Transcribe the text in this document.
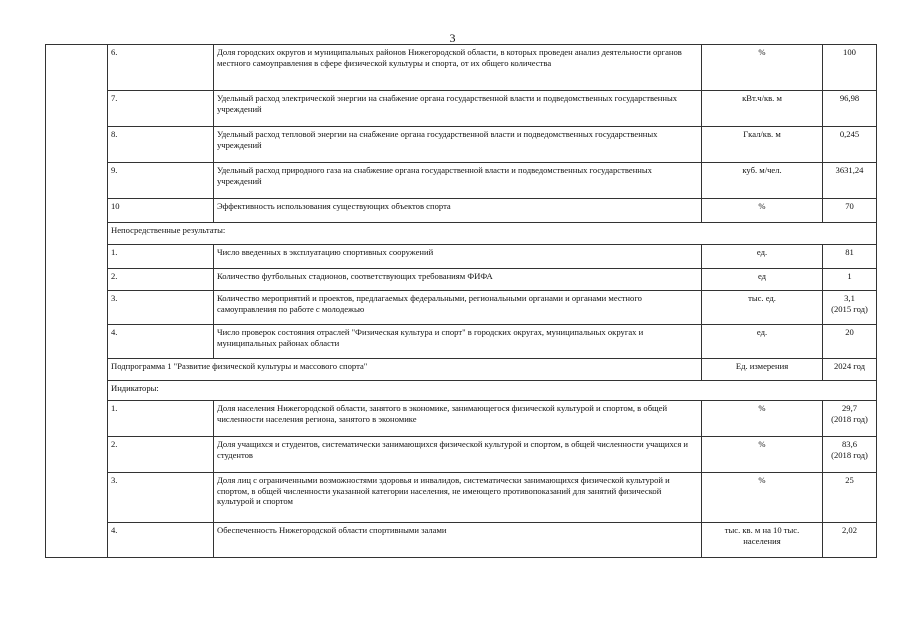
3
	6.	Доля городских округов и муниципальных районов Нижегородской области, в которых проведен анализ деятельности органов местного самоуправления в сфере физической культуры и спорта, от их общего количества	%	100

	7.	Удельный расход электрической энергии на снабжение органа государственной власти и подведомственных государственных учреждений	кВт.ч/кв. м	96,98

	8.	Удельный расход тепловой энергии на снабжение органа государственной власти и подведомственных государственных учреждений	Гкал/кв. м	0,245

	9.	Удельный расход природного газа на снабжение органа государственной власти и подведомственных государственных учреждений	куб. м/чел.	3631,24

	10	Эффективность использования существующих объектов спорта	%	70

	Непосредственные результаты:			
	1.	Число введенных в эксплуатацию спортивных сооружений	ед.	81

	2.	Количество футбольных стадионов, соответствующих требованиям ФИФА	ед	1

	3.	Количество мероприятий и проектов, предлагаемых федеральными, региональными органами и органами местного самоуправления по работе с молодежью	тыс. ед.	3,1
(2015 год)

	4.	Число проверок состояния отраслей "Физическая культура и спорт" в городских округах, муниципальных округах и муниципальных районах области	ед.	20

	Подпрограмма 1 "Развитие физической культуры и массового спорта"		Ед. измерения	2024 год
	Индикаторы:			
	1.	Доля населения Нижегородской области, занятого в экономике, занимающегося физической культурой и спортом, в общей численности населения региона, занятого в экономике	%	29,7
(2018 год)

	2.	Доля учащихся и студентов, систематически занимающихся физической культурой и спортом, в общей численности учащихся и студентов	%	83,6
(2018 год)

	3.	Доля лиц с ограниченными возможностями здоровья и инвалидов, систематически занимающихся физической культурой и спортом, в общей численности указанной категории населения, не имеющего противопоказаний для занятий физической культурой и спортом	%	25

	4.	Обеспеченность Нижегородской области спортивными залами	тыс. кв. м на 10 тыс. населения	2,02
